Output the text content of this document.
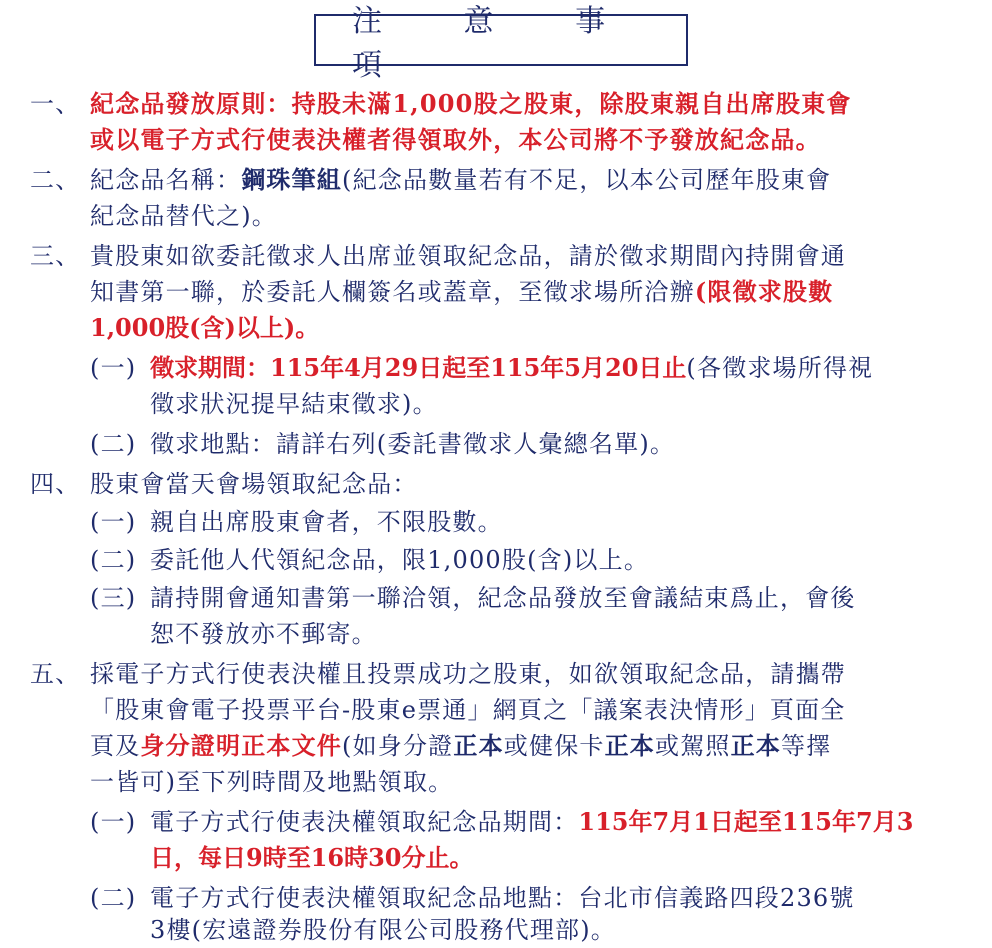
注 意 事 項
一、 紀念品發放原則：持股未滿1,000股之股東，除股東親自出席股東會
或以電子方式行使表決權者得領取外，本公司將不予發放紀念品。
二、 紀念品名稱：鋼珠筆組(紀念品數量若有不足，以本公司歷年股東會
紀念品替代之)。
三、 貴股東如欲委託徵求人出席並領取紀念品，請於徵求期間內持開會通
知書第一聯，於委託人欄簽名或蓋章，至徵求場所洽辦(限徵求股數
1,000股(含)以上)。
(一) 徵求期間：115年4月29日起至115年5月20日止(各徵求場所得視
徵求狀況提早結束徵求)。
(二) 徵求地點：請詳右列(委託書徵求人彙總名單)。
四、 股東會當天會場領取紀念品：
(一) 親自出席股東會者，不限股數。
(二) 委託他人代領紀念品，限1,000股(含)以上。
(三) 請持開會通知書第一聯洽領，紀念品發放至會議結束爲止，會後
恕不發放亦不郵寄。
五、 採電子方式行使表決權且投票成功之股東，如欲領取紀念品，請攜帶
「股東會電子投票平台-股東e票通」網頁之「議案表決情形」頁面全
頁及身分證明正本文件(如身分證正本或健保卡正本或駕照正本等擇
一皆可)至下列時間及地點領取。
(一) 電子方式行使表決權領取紀念品期間：115年7月1日起至115年7月3
日，每日9時至16時30分止。
(二) 電子方式行使表決權領取紀念品地點：台北市信義路四段236號
3樓(宏遠證券股份有限公司股務代理部)。
